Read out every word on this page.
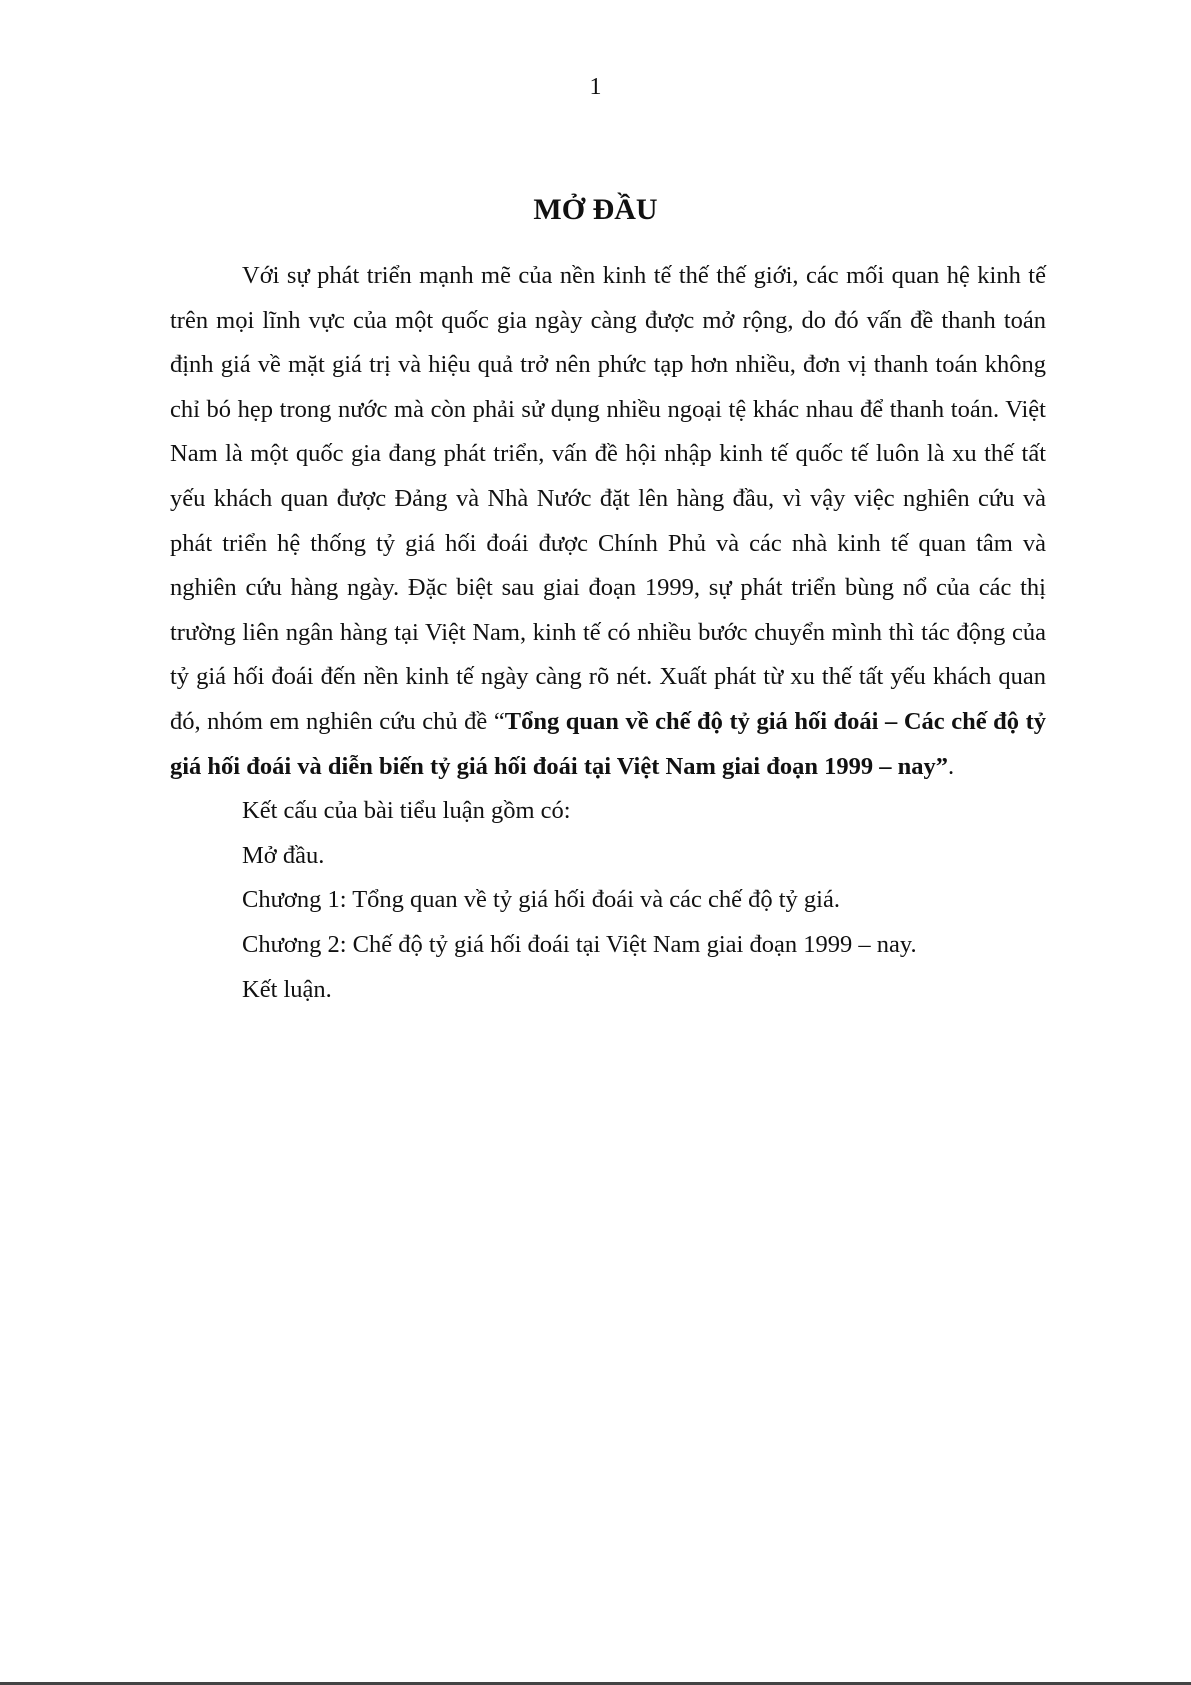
1
MỞ ĐẦU

Với sự phát triển mạnh mẽ của nền kinh tế thế thế giới, các mối quan hệ kinh tế trên mọi lĩnh vực của một quốc gia ngày càng được mở rộng, do đó vấn đề thanh toán định giá về mặt giá trị và hiệu quả trở nên phức tạp hơn nhiều, đơn vị thanh toán không chỉ bó hẹp trong nước mà còn phải sử dụng nhiều ngoại tệ khác nhau để thanh toán. Việt Nam là một quốc gia đang phát triển, vấn đề hội nhập kinh tế quốc tế luôn là xu thế tất yếu khách quan được Đảng và Nhà Nước đặt lên hàng đầu, vì vậy việc nghiên cứu và phát triển hệ thống tỷ giá hối đoái được Chính Phủ và các nhà kinh tế quan tâm và nghiên cứu hàng ngày. Đặc biệt sau giai đoạn 1999, sự phát triển bùng nổ của các thị trường liên ngân hàng tại Việt Nam, kinh tế có nhiều bước chuyển mình thì tác động của tỷ giá hối đoái đến nền kinh tế ngày càng rõ nét. Xuất phát từ xu thế tất yếu khách quan đó, nhóm em nghiên cứu chủ đề “Tổng quan về chế độ tỷ giá hối đoái – Các chế độ tỷ giá hối đoái và diễn biến tỷ giá hối đoái tại Việt Nam giai đoạn 1999 – nay”.

Kết cấu của bài tiểu luận gồm có:

Mở đầu.

Chương 1: Tổng quan về tỷ giá hối đoái và các chế độ tỷ giá.

Chương 2: Chế độ tỷ giá hối đoái tại Việt Nam giai đoạn 1999 – nay.

Kết luận.
